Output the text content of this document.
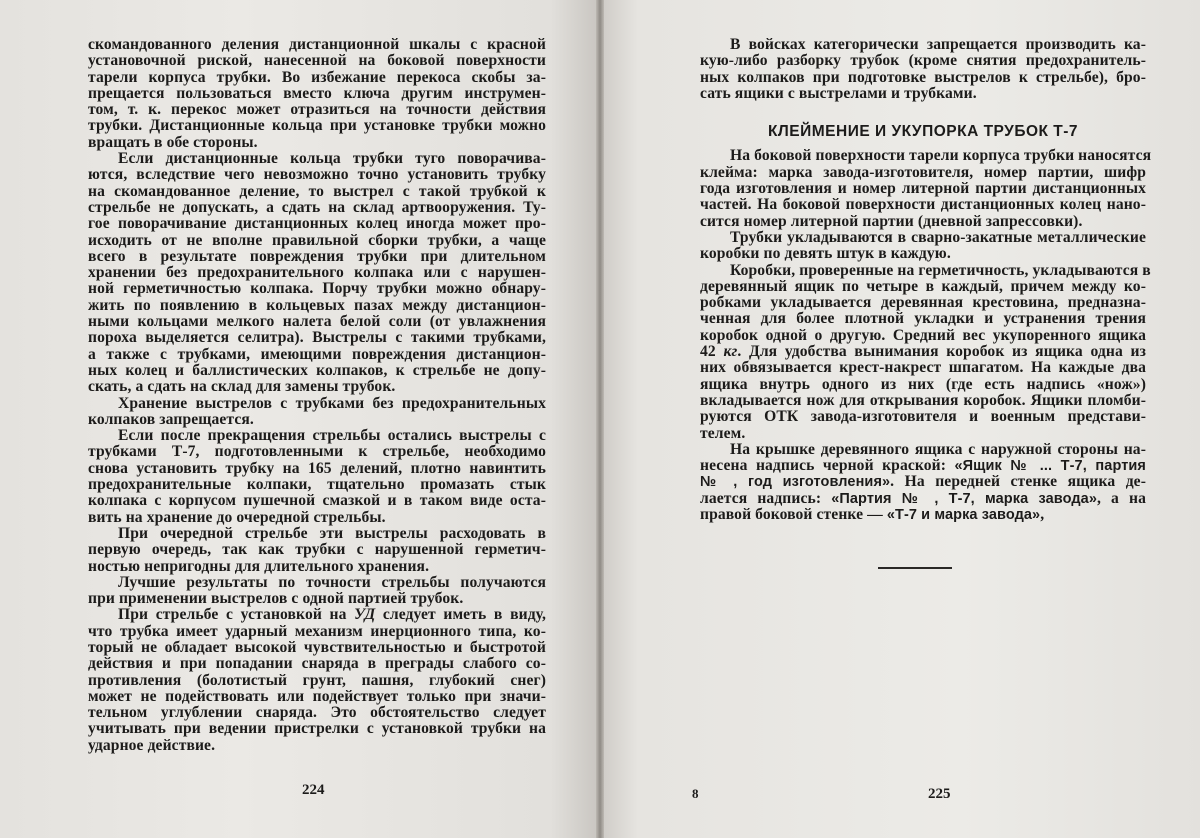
скомандованного деления дистанционной шкалы с красной
установочной риской, нанесенной на боковой поверхности
тарели корпуса трубки. Во избежание перекоса скобы за-
прещается пользоваться вместо ключа другим инструмен-
том, т. к. перекос может отразиться на точности действия
трубки. Дистанционные кольца при установке трубки можно
вращать в обе стороны.
Если дистанционные кольца трубки туго поворачива-
ются, вследствие чего невозможно точно установить трубку
на скомандованное деление, то выстрел с такой трубкой к
стрельбе не допускать, а сдать на склад артвооружения. Ту-
гое поворачивание дистанционных колец иногда может про-
исходить от не вполне правильной сборки трубки, а чаще
всего в результате повреждения трубки при длительном
хранении без предохранительного колпака или с нарушен-
ной герметичностью колпака. Порчу трубки можно обнару-
жить по появлению в кольцевых пазах между дистанцион-
ными кольцами мелкого налета белой соли (от увлажнения
пороха выделяется селитра). Выстрелы с такими трубками,
а также с трубками, имеющими повреждения дистанцион-
ных колец и баллистических колпаков, к стрельбе не допу-
скать, а сдать на склад для замены трубок.
Хранение выстрелов с трубками без предохранительных
колпаков запрещается.
Если после прекращения стрельбы остались выстрелы с
трубками Т-7, подготовленными к стрельбе, необходимо
снова установить трубку на 165 делений, плотно навинтить
предохранительные колпаки, тщательно промазать стык
колпака с корпусом пушечной смазкой и в таком виде оста-
вить на хранение до очередной стрельбы.
При очередной стрельбе эти выстрелы расходовать в
первую очередь, так как трубки с нарушенной герметич-
ностью непригодны для длительного хранения.
Лучшие результаты по точности стрельбы получаются
при применении выстрелов с одной партией трубок.
При стрельбе с установкой на УД следует иметь в виду,
что трубка имеет ударный механизм инерционного типа, ко-
торый не обладает высокой чувствительностью и быстротой
действия и при попадании снаряда в преграды слабого со-
противления (болотистый грунт, пашня, глубокий снег)
может не подействовать или подействует только при значи-
тельном углублении снаряда. Это обстоятельство следует
учитывать при ведении пристрелки с установкой трубки на
ударное действие.
224
В войсках категорически запрещается производить ка-
кую-либо разборку трубок (кроме снятия предохранитель-
ных колпаков при подготовке выстрелов к стрельбе), бро-
сать ящики с выстрелами и трубками.
КЛЕЙМЕНИЕ И УКУПОРКА ТРУБОК Т-7
На боковой поверхности тарели корпуса трубки наносятся
клейма: марка завода-изготовителя, номер партии, шифр
года изготовления и номер литерной партии дистанционных
частей. На боковой поверхности дистанционных колец нано-
сится номер литерной партии (дневной запрессовки).
Трубки укладываются в сварно-закатные металлические
коробки по девять штук в каждую.
Коробки, проверенные на герметичность, укладываются в
деревянный ящик по четыре в каждый, причем между ко-
робками укладывается деревянная крестовина, предназна-
ченная для более плотной укладки и устранения трения
коробок одной о другую. Средний вес укупоренного ящика
42 кг. Для удобства вынимания коробок из ящика одна из
них обвязывается крест-накрест шпагатом. На каждые два
ящика внутрь одного из них (где есть надпись «нож»)
вкладывается нож для открывания коробок. Ящики пломби-
руются ОТК завода-изготовителя и военным представи-
телем.
На крышке деревянного ящика с наружной стороны на-
несена надпись черной краской: «Ящик № ... Т-7, партия
№ , год изготовления». На передней стенке ящика де-
лается надпись: «Партия № , Т-7, марка завода», а на
правой боковой стенке — «Т-7 и марка завода»,
8	225
